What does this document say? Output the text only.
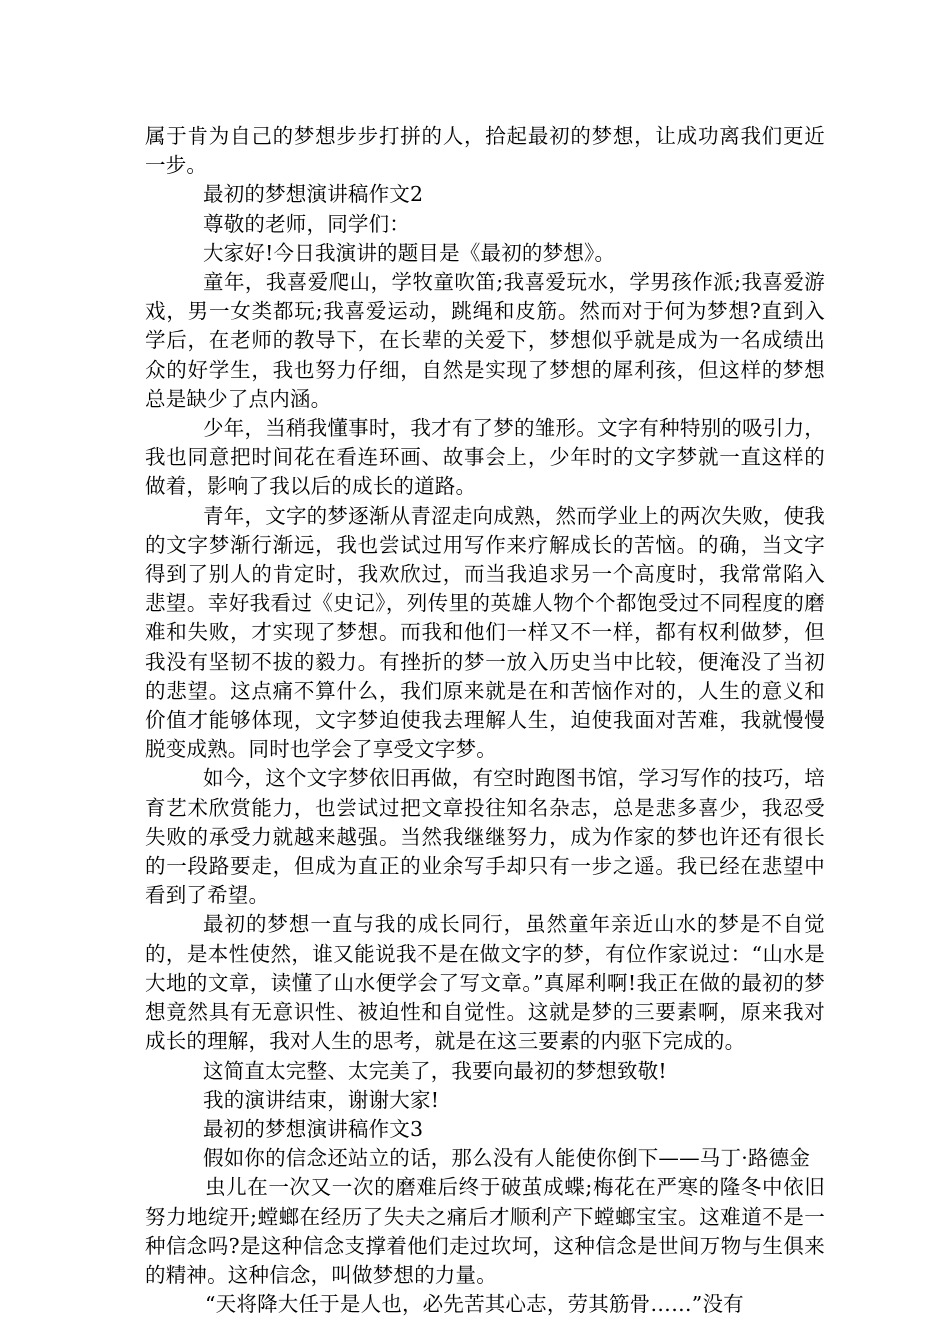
属于肯为自己的梦想步步打拼的人，拾起最初的梦想，让成功离我们更近一步。

最初的梦想演讲稿作文2

尊敬的老师，同学们：

大家好!今日我演讲的题目是《最初的梦想》。

童年，我喜爱爬山，学牧童吹笛;我喜爱玩水，学男孩作派;我喜爱游戏，男一女类都玩;我喜爱运动，跳绳和皮筋。然而对于何为梦想?直到入学后，在老师的教导下，在长辈的关爱下，梦想似乎就是成为一名成绩出众的好学生，我也努力仔细，自然是实现了梦想的犀利孩，但这样的梦想总是缺少了点内涵。

少年，当稍我懂事时，我才有了梦的雏形。文字有种特别的吸引力，我也同意把时间花在看连环画、故事会上，少年时的文字梦就一直这样的做着，影响了我以后的成长的道路。

青年，文字的梦逐渐从青涩走向成熟，然而学业上的两次失败，使我的文字梦渐行渐远，我也尝试过用写作来疗解成长的苦恼。的确，当文字得到了别人的肯定时，我欢欣过，而当我追求另一个高度时，我常常陷入悲望。幸好我看过《史记》，列传里的英雄人物个个都饱受过不同程度的磨难和失败，才实现了梦想。而我和他们一样又不一样，都有权利做梦，但我没有坚韧不拔的毅力。有挫折的梦一放入历史当中比较，便淹没了当初的悲望。这点痛不算什么，我们原来就是在和苦恼作对的，人生的意义和价值才能够体现，文字梦迫使我去理解人生，迫使我面对苦难，我就慢慢脱变成熟。同时也学会了享受文字梦。

如今，这个文字梦依旧再做，有空时跑图书馆，学习写作的技巧，培育艺术欣赏能力，也尝试过把文章投往知名杂志，总是悲多喜少，我忍受失败的承受力就越来越强。当然我继继努力，成为作家的梦也许还有很长的一段路要走，但成为直正的业余写手却只有一步之遥。我已经在悲望中看到了希望。

最初的梦想一直与我的成长同行，虽然童年亲近山水的梦是不自觉的，是本性使然，谁又能说我不是在做文字的梦，有位作家说过：“山水是大地的文章，读懂了山水便学会了写文章。”真犀利啊!我正在做的最初的梦想竟然具有无意识性、被迫性和自觉性。这就是梦的三要素啊，原来我对成长的理解，我对人生的思考，就是在这三要素的内驱下完成的。

这简直太完整、太完美了，我要向最初的梦想致敬!

我的演讲结束，谢谢大家!

最初的梦想演讲稿作文3

假如你的信念还站立的话，那么没有人能使你倒下——马丁·路德金

虫儿在一次又一次的磨难后终于破茧成蝶;梅花在严寒的隆冬中依旧努力地绽开;螳螂在经历了失夫之痛后才顺利产下螳螂宝宝。这难道不是一种信念吗?是这种信念支撑着他们走过坎坷，这种信念是世间万物与生俱来的精神。这种信念，叫做梦想的力量。

“天将降大任于是人也，必先苦其心志，劳其筋骨……”没有
